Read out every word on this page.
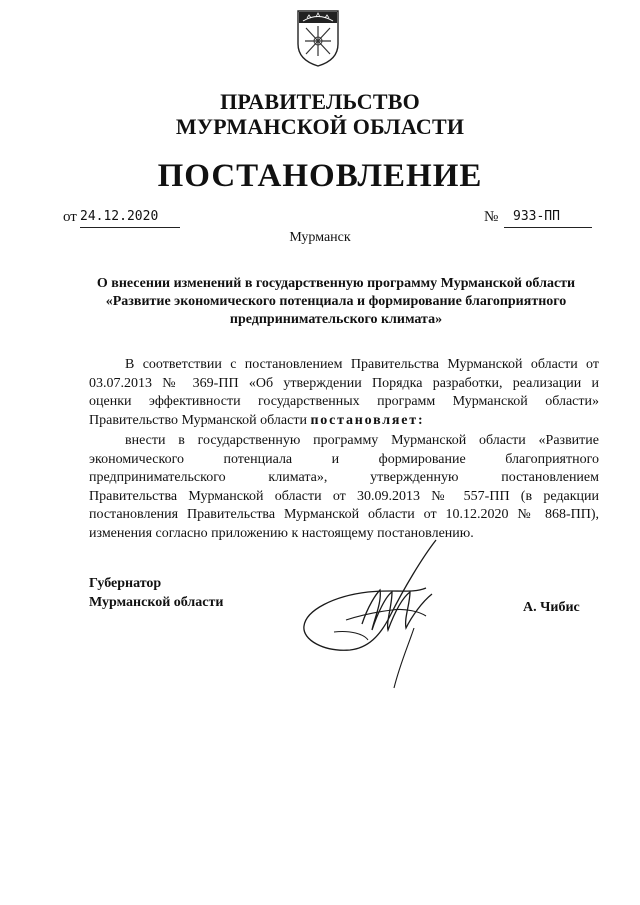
ПРАВИТЕЛЬСТВО
МУРМАНСКОЙ ОБЛАСТИ
ПОСТАНОВЛЕНИЕ
от 24.12.2020	№ 933-ПП
Мурманск
О внесении изменений в государственную программу Мурманской области
«Развитие экономического потенциала и формирование благоприятного
предпринимательского климата»
В соответствии с постановлением Правительства Мурманской области от
03.07.2013 № 369-ПП «Об утверждении Порядка разработки, реализации и
оценки эффективности государственных программ Мурманской области»
Правительство Мурманской области постановляет:
внести в государственную программу Мурманской области «Развитие
экономического потенциала и формирование благоприятного
предпринимательского климата», утвержденную постановлением
Правительства Мурманской области от 30.09.2013 № 557-ПП (в редакции
постановления Правительства Мурманской области от 10.12.2020 № 868-ПП),
изменения согласно приложению к настоящему постановлению.
Губернатор
Мурманской области	А. Чибис
